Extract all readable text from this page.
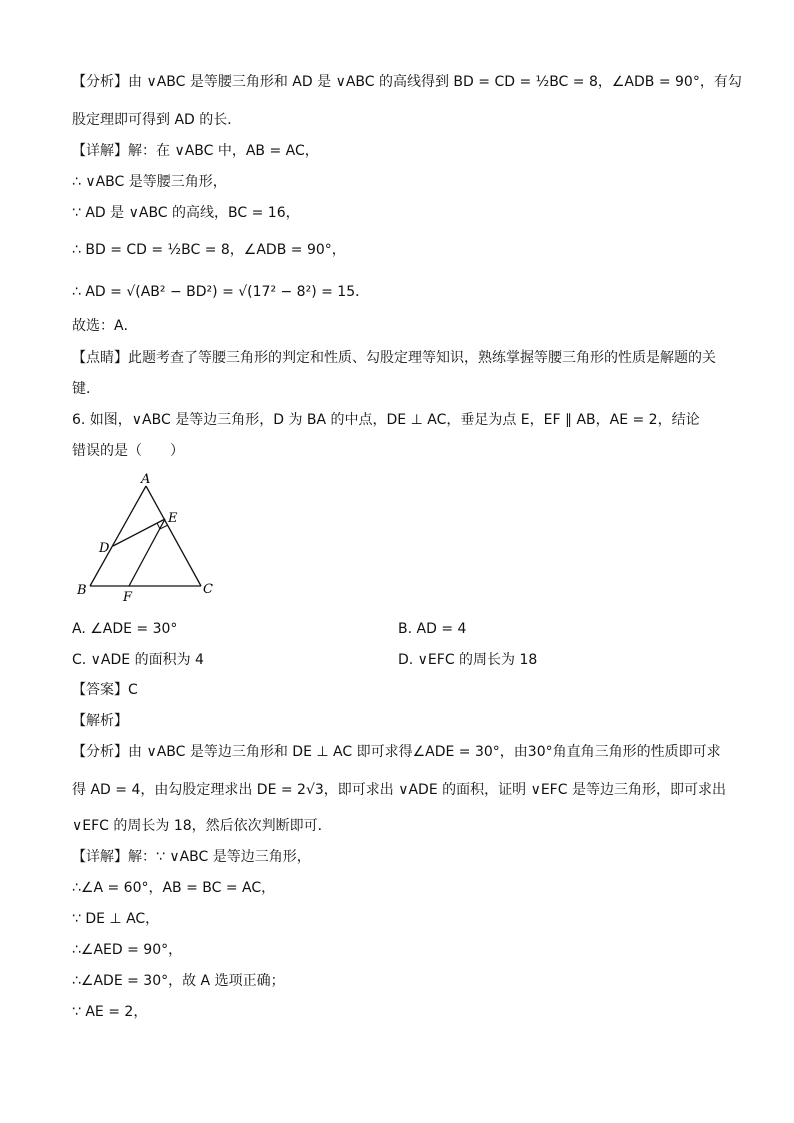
【分析】由 ∨ABC 是等腰三角形和 AD 是 ∨ABC 的高线得到 BD = CD = ½BC = 8，∠ADB = 90°，有勾
股定理即可得到 AD 的长．
【详解】解：在 ∨ABC 中，AB = AC，
∴ ∨ABC 是等腰三角形，
∵ AD 是 ∨ABC 的高线，BC = 16，
∴ BD = CD = ½BC = 8，∠ADB = 90°，
∴ AD = √(AB² − BD²) = √(17² − 8²) = 15．
故选：A．
【点睛】此题考查了等腰三角形的判定和性质、勾股定理等知识，熟练掌握等腰三角形的性质是解题的关
键．
6. 如图，∨ABC 是等边三角形，D 为 BA 的中点，DE ⊥ AC，垂足为点 E，EF ∥ AB，AE = 2，结论
错误的是（　　）
A
E
D
B	F
C
A. ∠ADE = 30°	B. AD = 4
C. ∨ADE 的面积为 4	D. ∨EFC 的周长为 18
【答案】C
【解析】
【分析】由 ∨ABC 是等边三角形和 DE ⊥ AC 即可求得∠ADE = 30°，由30°角直角三角形的性质即可求
得 AD = 4，由勾股定理求出 DE = 2√3，即可求出 ∨ADE 的面积，证明 ∨EFC 是等边三角形，即可求出
∨EFC 的周长为 18，然后依次判断即可．
【详解】解：∵ ∨ABC 是等边三角形，
∴∠A = 60°，AB = BC = AC，
∵ DE ⊥ AC，
∴∠AED = 90°，
∴∠ADE = 30°，故 A 选项正确；
∵ AE = 2，
